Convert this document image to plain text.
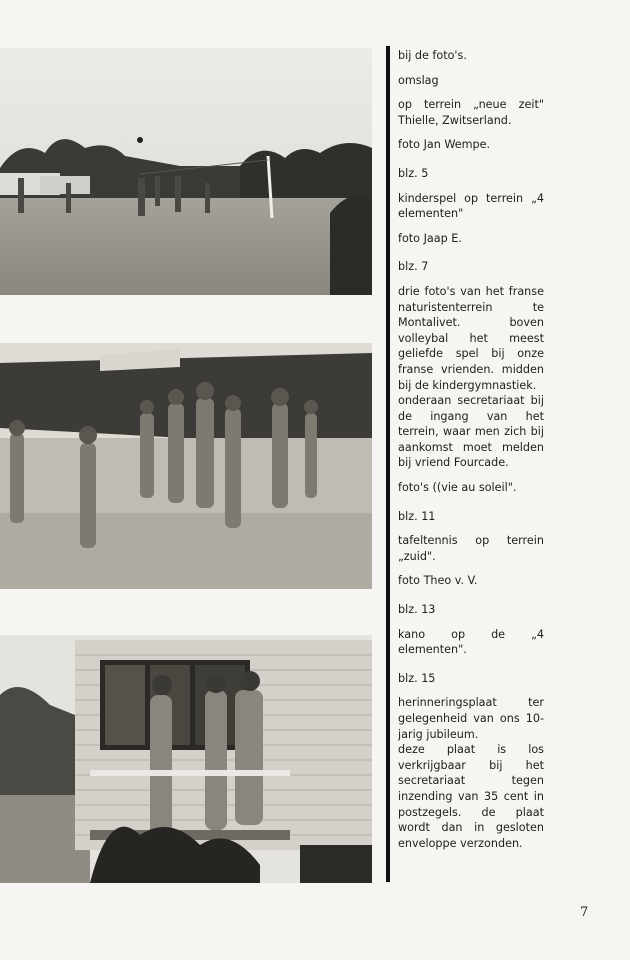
bij de foto's.

omslag

op terrein „neue zeit" Thielle, Zwitserland.

foto Jan Wempe.

blz. 5

kinderspel op terrein „4 elementen"

foto Jaap E.

blz. 7

drie foto's van het franse naturistenterrein te Montalivet. boven volleybal het meest geliefde spel bij onze franse vrienden. midden bij de kindergymnastiek.

onderaan secretariaat bij de ingang van het terrein, waar men zich bij aankomst moet melden bij vriend Fourcade.

foto's ((vie au soleil".

blz. 11

tafeltennis op terrein „zuid".

foto Theo v. V.

blz. 13

kano op de „4 elementen".

blz. 15

herinneringsplaat ter gelegenheid van ons 10-jarig jubileum.

deze plaat is los verkrijgbaar bij het secretariaat tegen inzending van 35 cent in postzegels. de plaat wordt dan in gesloten enveloppe verzonden.

7
